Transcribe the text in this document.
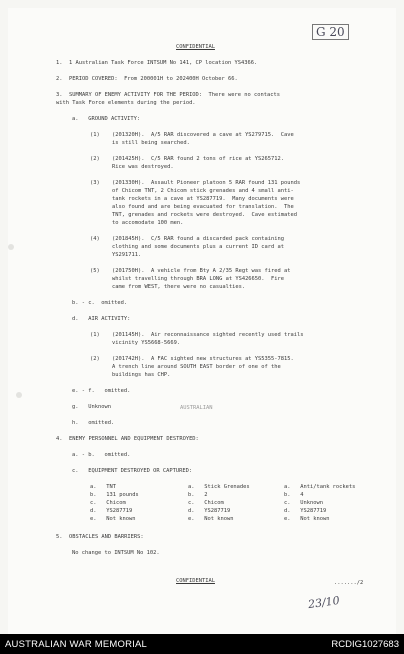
G 20
CONFIDENTIAL
1.  1 Australian Task Force INTSUM No 141, CP location YS4366.
2.  PERIOD COVERED:  From 200001H to 202400H October 66.
3.  SUMMARY OF ENEMY ACTIVITY FOR THE PERIOD:  There were no contacts
with Task Force elements during the period.
a.   GROUND ACTIVITY:
(1) (201320H).  A/5 RAR discovered a cave at YS279715.  Cave
is still being searched.
(2) (201425H).  C/5 RAR found 2 tons of rice at YS265712.
Rice was destroyed.
(3) (201330H).  Assault Pioneer platoon 5 RAR found 131 pounds
of Chicom TNT, 2 Chicom stick grenades and 4 small anti-
tank rockets in a cave at YS287719.  Many documents were
also found and are being evacuated for translation.  The
TNT, grenades and rockets were destroyed.  Cave estimated
to accomodate 100 men.
(4) (201845H).  C/5 RAR found a discarded pack containing
clothing and some documents plus a current ID card at
YS291711.
(5) (201750H).  A vehicle from Bty A 2/35 Regt was fired at
whilst travelling through BRA LONG at YS426650.  Fire
came from WEST, there were no casualties.
b. - c.  omitted.
d.   AIR ACTIVITY:
(1) (201145H).  Air reconnaissance sighted recently used trails
vicinity YS5668-5669.
(2) (201742H).  A FAC sighted new structures at YS5355-7815.
A trench line around SOUTH EAST border of one of the
buildings has CHP.
e. - f.   omitted.
g.   Unknown	AUSTRALIAN
h.   omitted.
4.  ENEMY PERSONNEL AND EQUIPMENT DESTROYED:
a. - b.   omitted.
c.   EQUIPMENT DESTROYED OR CAPTURED:
a.   TNT	a.   Stick Grenades	a.   Anti/tank rockets
b.   131 pounds	b.   2	b.   4
c.   Chicom	c.   Chicom	c.   Unknown
d.   YS287719	d.   YS287719	d.   YS287719
e.   Not known	e.   Not known	e.   Not known
5.  OBSTACLES AND BARRIERS:
No change to INTSUM No 102.
CONFIDENTIAL	......./2
23/10
AUSTRALIAN WAR MEMORIAL	RCDIG1027683
